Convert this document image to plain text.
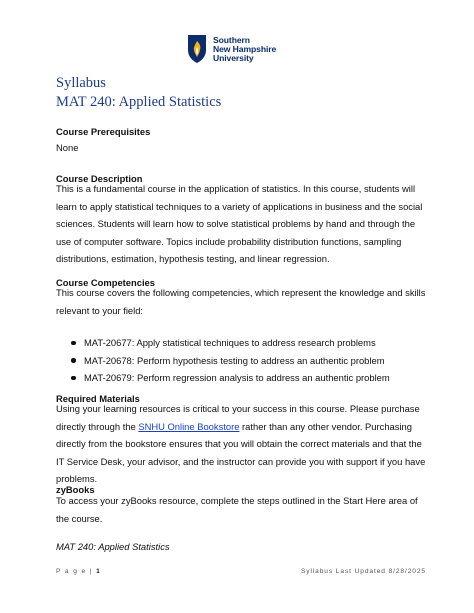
Southern
New Hampshire
University
Syllabus
MAT 240: Applied Statistics
Course Prerequisites
None
Course Description
This is a fundamental course in the application of statistics. In this course, students will learn to apply statistical techniques to a variety of applications in business and the social sciences. Students will learn how to solve statistical problems by hand and through the use of computer software. Topics include probability distribution functions, sampling distributions, estimation, hypothesis testing, and linear regression.
Course Competencies
This course covers the following competencies, which represent the knowledge and skills relevant to your field:
MAT-20677: Apply statistical techniques to address research problems
MAT-20678: Perform hypothesis testing to address an authentic problem
MAT-20679: Perform regression analysis to address an authentic problem
Required Materials
Using your learning resources is critical to your success in this course. Please purchase directly through the SNHU Online Bookstore rather than any other vendor. Purchasing directly from the bookstore ensures that you will obtain the correct materials and that the IT Service Desk, your advisor, and the instructor can provide you with support if you have problems.
zyBooks
To access your zyBooks resource, complete the steps outlined in the Start Here area of the course.
MAT 240: Applied Statistics
P a g e | 1	Syllabus Last Updated 8/28/2025
